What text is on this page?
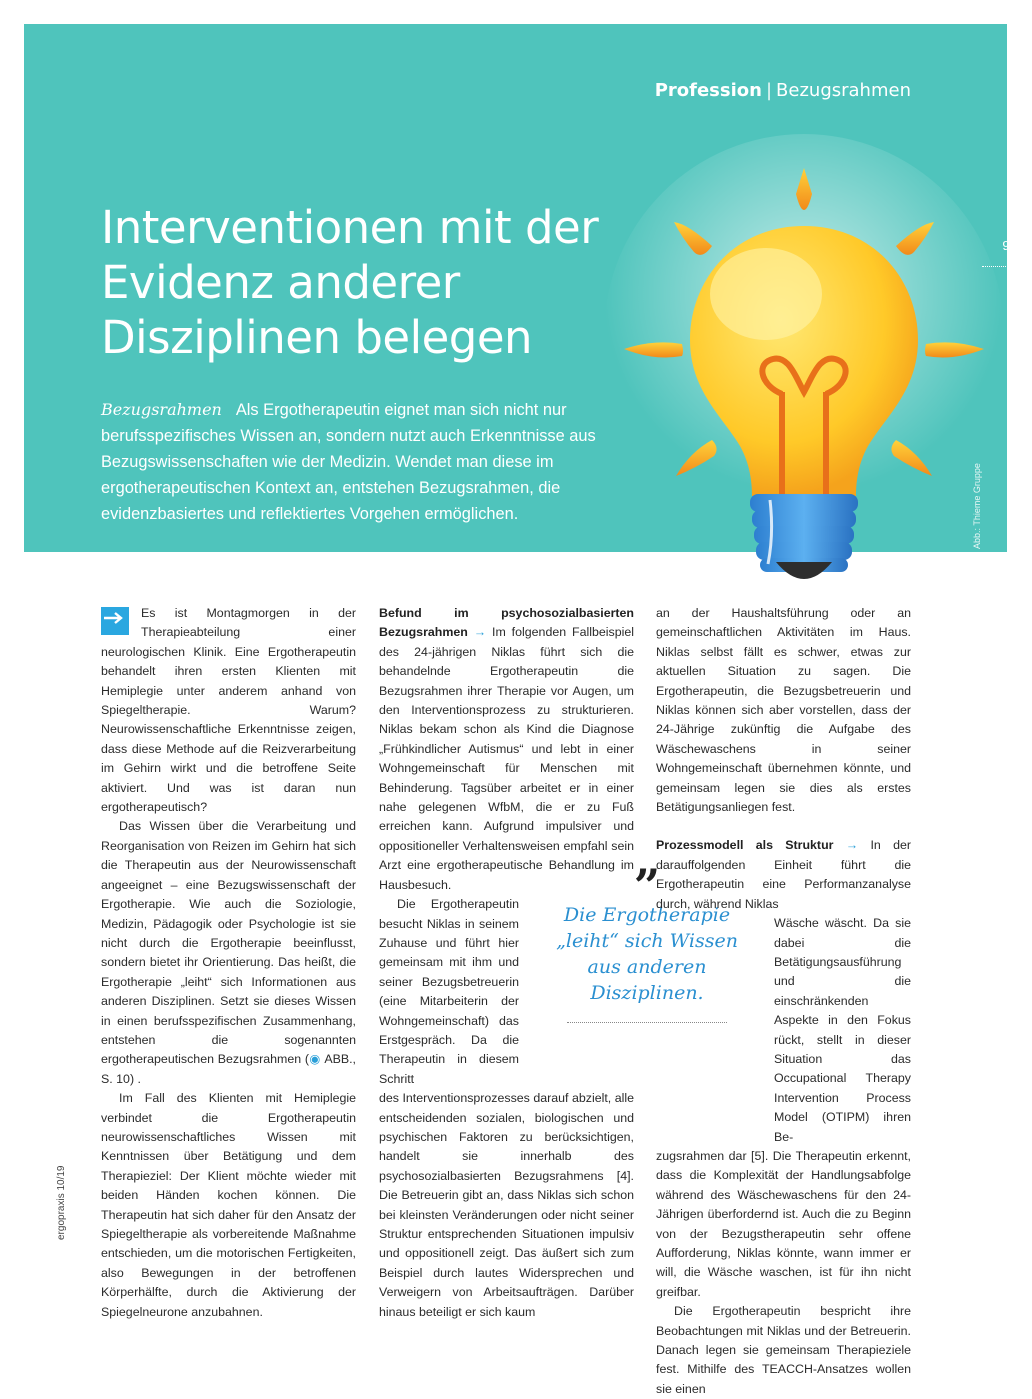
Profession | Bezugsrahmen
Interventionen mit der Evidenz anderer Disziplinen belegen

Bezugsrahmen Als Ergotherapeutin eignet man sich nicht nur berufsspezifisches Wissen an, sondern nutzt auch Erkenntnisse aus Bezugswissenschaften wie der Medizin. Wendet man diese im ergotherapeutischen Kontext an, entstehen Bezugsrahmen, die evidenzbasiertes und reflektiertes Vorgehen ermöglichen.	Abb.: Thieme Gruppe
9

Es ist Montagmorgen in der Therapieabteilung einer neurologischen Klinik. Eine Ergotherapeutin behandelt ihren ersten Klienten mit Hemiplegie unter anderem anhand von Spiegeltherapie. Warum? Neurowissenschaftliche Erkenntnisse zeigen, dass diese Methode auf die Reizverarbeitung im Gehirn wirkt und die betroffene Seite aktiviert. Und was ist daran nun ergotherapeutisch?

Das Wissen über die Verarbeitung und Reorganisation von Reizen im Gehirn hat sich die Therapeutin aus der Neurowissenschaft angeeignet – eine Bezugswissenschaft der Ergotherapie. Wie auch die Soziologie, Medizin, Pädagogik oder Psychologie ist sie nicht durch die Ergotherapie beeinflusst, sondern bietet ihr Orientierung. Das heißt, die Ergotherapie „leiht“ sich Informationen aus anderen Disziplinen. Setzt sie dieses Wissen in einen berufsspezifischen Zusammenhang, entstehen die sogenannten ergotherapeutischen Bezugsrahmen (◉ ABB., S. 10) .

Im Fall des Klienten mit Hemiplegie verbindet die Ergotherapeutin neurowissenschaftliches Wissen mit Kenntnissen über Betätigung und dem Therapieziel: Der Klient möchte wieder mit beiden Händen kochen können. Die Therapeutin hat sich daher für den Ansatz der Spiegeltherapie als vorbereitende Maßnahme entschieden, um die motorischen Fertigkeiten, also Bewegungen in der betroffenen Körperhälfte, durch die Aktivierung der Spiegelneurone anzubahnen.

Befund im psychosozialbasierten Bezugsrahmen → Im folgenden Fallbeispiel des 24-jährigen Niklas führt sich die behandelnde Ergotherapeutin die Bezugsrahmen ihrer Therapie vor Augen, um den Interventionsprozess zu strukturieren. Niklas bekam schon als Kind die Diagnose „Frühkindlicher Autismus“ und lebt in einer Wohngemeinschaft für Menschen mit Behinderung. Tagsüber arbeitet er in einer nahe gelegenen WfbM, die er zu Fuß erreichen kann. Aufgrund impulsiver und oppositioneller Verhaltensweisen empfahl sein Arzt eine ergotherapeutische Behandlung im Hausbesuch.

Die Ergotherapeutin besucht Niklas in seinem Zuhause und führt hier gemeinsam mit ihm und seiner Bezugsbetreuerin (eine Mitarbeiterin der Wohngemeinschaft) das Erstgespräch. Da die Therapeutin in diesem Schritt

des Interventionsprozesses darauf abzielt, alle entscheidenden sozialen, biologischen und psychischen Faktoren zu berücksichtigen, handelt sie innerhalb des psychosozialbasierten Bezugsrahmens [4]. Die Betreuerin gibt an, dass Niklas sich schon bei kleinsten Veränderungen oder nicht seiner Struktur entsprechenden Situationen impulsiv und oppositionell zeigt. Das äußert sich zum Beispiel durch lautes Widersprechen und Verweigern von Arbeitsaufträgen. Darüber hinaus beteiligt er sich kaum

”
Die Ergotherapie „leiht“ sich Wissen aus anderen Disziplinen.

an der Haushaltsführung oder an gemeinschaftlichen Aktivitäten im Haus. Niklas selbst fällt es schwer, etwas zur aktuellen Situation zu sagen. Die Ergotherapeutin, die Bezugsbetreuerin und Niklas können sich aber vorstellen, dass der 24-Jährige zukünftig die Aufgabe des Wäschewaschens in seiner Wohngemeinschaft übernehmen könnte, und gemeinsam legen sie dies als erstes Betätigungsanliegen fest.

Prozessmodell als Struktur → In der darauffolgenden Einheit führt die Ergotherapeutin eine Performanzanalyse durch, während Niklas

Wäsche wäscht. Da sie dabei die Betätigungsausführung und die einschränkenden Aspekte in den Fokus rückt, stellt in dieser Situation das Occupational Therapy Intervention Process Model (OTIPM) ihren Be-

zugsrahmen dar [5]. Die Therapeutin erkennt, dass die Komplexität der Handlungsabfolge während des Wäschewaschens für den 24-Jährigen überfordernd ist. Auch die zu Beginn von der Bezugstherapeutin sehr offene Aufforderung, Niklas könnte, wann immer er will, die Wäsche waschen, ist für ihn nicht greifbar.

Die Ergotherapeutin bespricht ihre Beobachtungen mit Niklas und der Betreuerin. Danach legen sie gemeinsam Therapieziele fest. Mithilfe des TEACCH-Ansatzes wollen sie einen

ergopraxis 10/19
